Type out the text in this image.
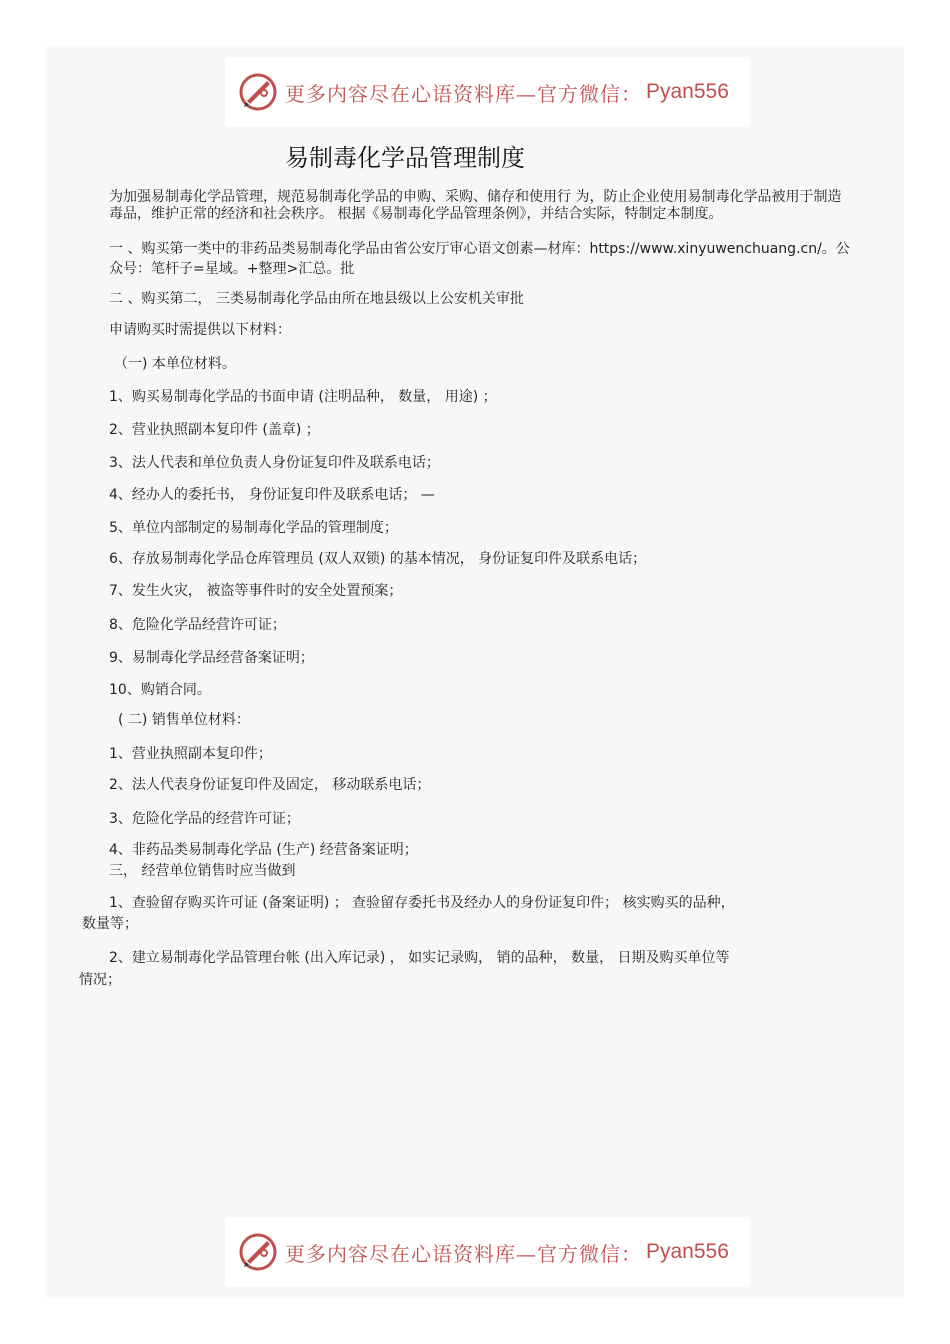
更多内容尽在心语资料库—官方微信： Pyan556
易制毒化学品管理制度
为加强易制毒化学品管理，规范易制毒化学品的申购、采购、储存和使用行 为，防止企业使用易制毒化学品被用于制造
毒品，维护正常的经济和社会秩序。 根据《易制毒化学品管理条例》，并结合实际，特制定本制度。
一 、购买第一类中的非药品类易制毒化学品由省公安厅审心语文创素—材库：https://www.xinyuwenchuang.cn/。公
众号：笔杆子=星域。+整理>汇总。批
二 、购买第二， 三类易制毒化学品由所在地县级以上公安机关审批
申请购买时需提供以下材料：
（一) 本单位材料。
1、购买易制毒化学品的书面申请 (注明品种， 数量， 用途) ；
2、营业执照副本复印件 (盖章) ；
3、法人代表和单位负责人身份证复印件及联系电话；
4、经办人的委托书， 身份证复印件及联系电话； —
5、单位内部制定的易制毒化学品的管理制度；
6、存放易制毒化学品仓库管理员 (双人双锁) 的基本情况， 身份证复印件及联系电话；
7、发生火灾， 被盗等事件时的安全处置预案；
8、危险化学品经营许可证；
9、易制毒化学品经营备案证明；
10、购销合同。
( 二) 销售单位材料：
1、营业执照副本复印件；
2、法人代表身份证复印件及固定， 移动联系电话；
3、危险化学品的经营许可证；
4、非药品类易制毒化学品 (生产) 经营备案证明；
三， 经营单位销售时应当做到
1、查验留存购买许可证 (备案证明) ； 查验留存委托书及经办人的身份证复印件； 核实购买的品种，
数量等；
2、建立易制毒化学品管理台帐 (出入库记录) ， 如实记录购， 销的品种， 数量， 日期及购买单位等
情况；
更多内容尽在心语资料库—官方微信： Pyan556
